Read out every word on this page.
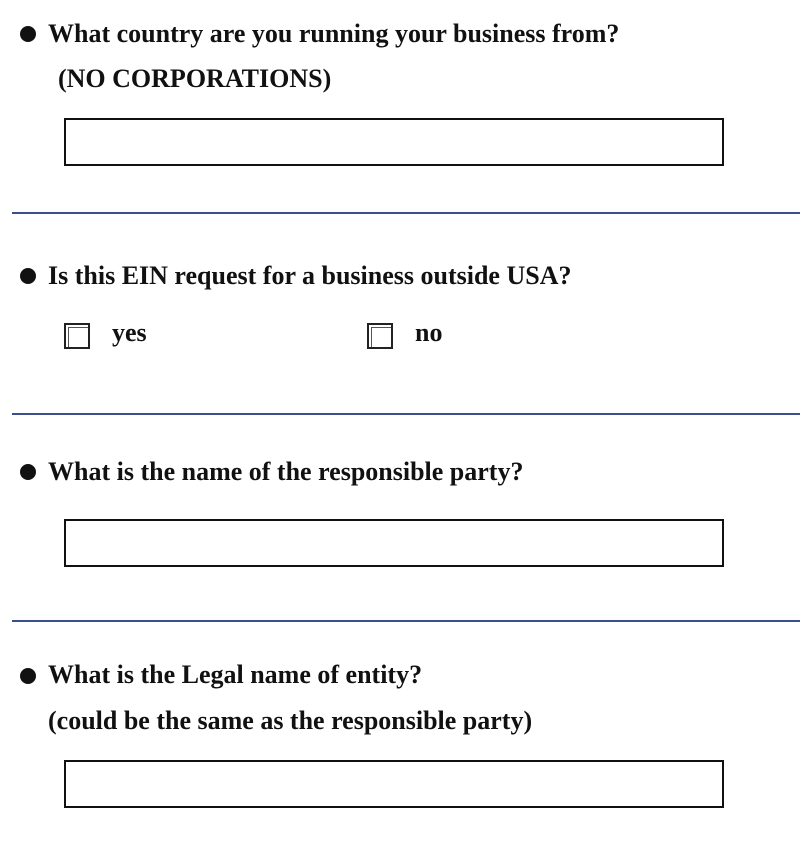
What country are you running your business from?
(NO CORPORATIONS)
Is this EIN request for a business outside USA?
yes	no
What is the name of the responsible party?
What is the Legal name of entity?
(could be the same as the responsible party)
